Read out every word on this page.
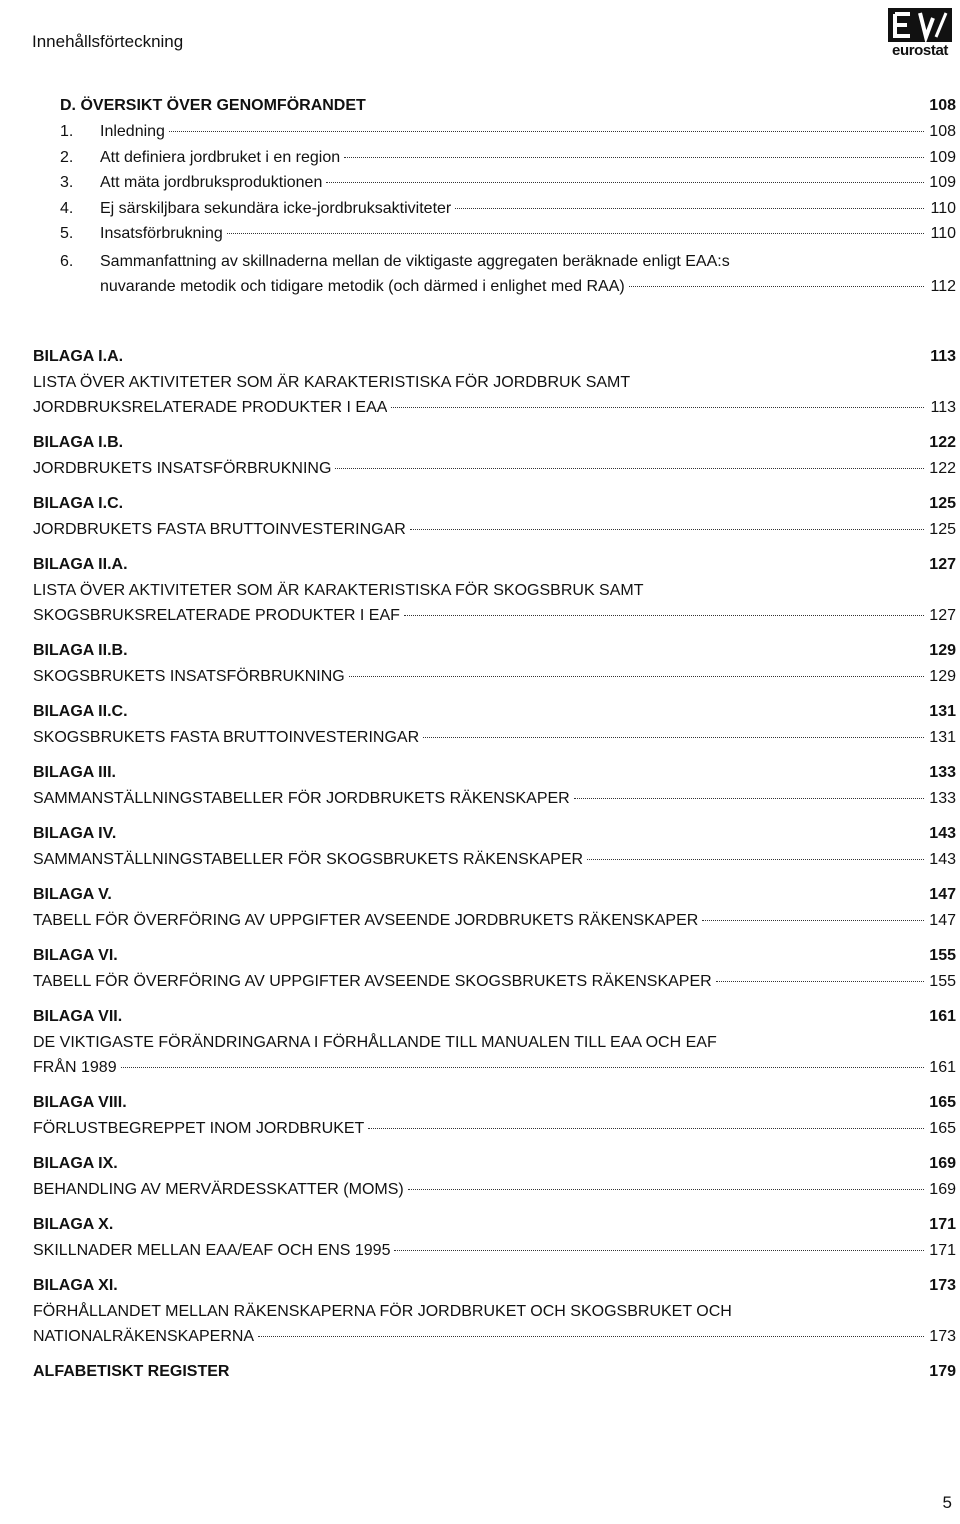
Innehållsförteckning	eurostat
D. ÖVERSIKT ÖVER GENOMFÖRANDET	108
1.	Inledning	108
2.	Att definiera jordbruket i en region	109
3.	Att mäta jordbruksproduktionen	109
4.	Ej särskiljbara sekundära icke-jordbruksaktiviteter	110
5.	Insatsförbrukning	110
6.	Sammanfattning av skillnaderna mellan de viktigaste aggregaten beräknade enligt EAA:s
nuvarande metodik och tidigare metodik (och därmed i enlighet med RAA)	112
BILAGA I.A.	113
LISTA ÖVER AKTIVITETER SOM ÄR KARAKTERISTISKA FÖR JORDBRUK SAMT
JORDBRUKSRELATERADE PRODUKTER I EAA	113
BILAGA I.B.	122
JORDBRUKETS INSATSFÖRBRUKNING	122
BILAGA I.C.	125
JORDBRUKETS FASTA BRUTTOINVESTERINGAR	125
BILAGA II.A.	127
LISTA ÖVER AKTIVITETER SOM ÄR KARAKTERISTISKA FÖR SKOGSBRUK SAMT
SKOGSBRUKSRELATERADE PRODUKTER I EAF	127
BILAGA II.B.	129
SKOGSBRUKETS INSATSFÖRBRUKNING	129
BILAGA II.C.	131
SKOGSBRUKETS FASTA BRUTTOINVESTERINGAR	131
BILAGA III.	133
SAMMANSTÄLLNINGSTABELLER FÖR JORDBRUKETS RÄKENSKAPER	133
BILAGA IV.	143
SAMMANSTÄLLNINGSTABELLER FÖR SKOGSBRUKETS RÄKENSKAPER	143
BILAGA V.	147
TABELL FÖR ÖVERFÖRING AV UPPGIFTER AVSEENDE JORDBRUKETS RÄKENSKAPER	147
BILAGA VI.	155
TABELL FÖR ÖVERFÖRING AV UPPGIFTER AVSEENDE SKOGSBRUKETS RÄKENSKAPER	155
BILAGA VII.	161
DE VIKTIGASTE FÖRÄNDRINGARNA I FÖRHÅLLANDE TILL MANUALEN TILL EAA OCH EAF
FRÅN 1989	161
BILAGA VIII.	165
FÖRLUSTBEGREPPET INOM JORDBRUKET	165
BILAGA IX.	169
BEHANDLING AV MERVÄRDESSKATTER (MOMS)	169
BILAGA X.	171
SKILLNADER MELLAN EAA/EAF OCH ENS 1995	171
BILAGA XI.	173
FÖRHÅLLANDET MELLAN RÄKENSKAPERNA FÖR JORDBRUKET OCH SKOGSBRUKET OCH
NATIONALRÄKENSKAPERNA	173
ALFABETISKT REGISTER	179
5
